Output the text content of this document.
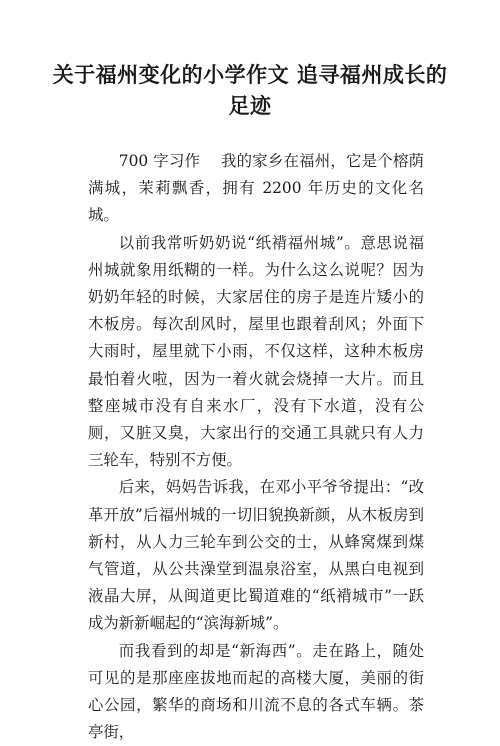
关于福州变化的小学作文 追寻福州成长的足迹

700 字习作　 我的家乡在福州，它是个榕荫满城，茉莉飘香，拥有 2200 年历史的文化名城。

以前我常听奶奶说“纸褙福州城”。意思说福州城就象用纸糊的一样。为什么这么说呢？因为奶奶年轻的时候，大家居住的房子是连片矮小的木板房。每次刮风时，屋里也跟着刮风；外面下大雨时，屋里就下小雨，不仅这样，这种木板房最怕着火啦，因为一着火就会烧掉一大片。而且整座城市没有自来水厂，没有下水道，没有公厕，又脏又臭，大家出行的交通工具就只有人力三轮车，特别不方便。

后来，妈妈告诉我，在邓小平爷爷提出：“改革开放”后福州城的一切旧貌换新颜，从木板房到新村，从人力三轮车到公交的士，从蜂窝煤到煤气管道，从公共澡堂到温泉浴室，从黑白电视到液晶大屏，从闽道更比蜀道难的“纸褙城市”一跃成为新新崛起的“滨海新城”。

而我看到的却是“新海西”。走在路上，随处可见的是那座座拔地而起的高楼大厦，美丽的街心公园，繁华的商场和川流不息的各式车辆。茶亭街，
